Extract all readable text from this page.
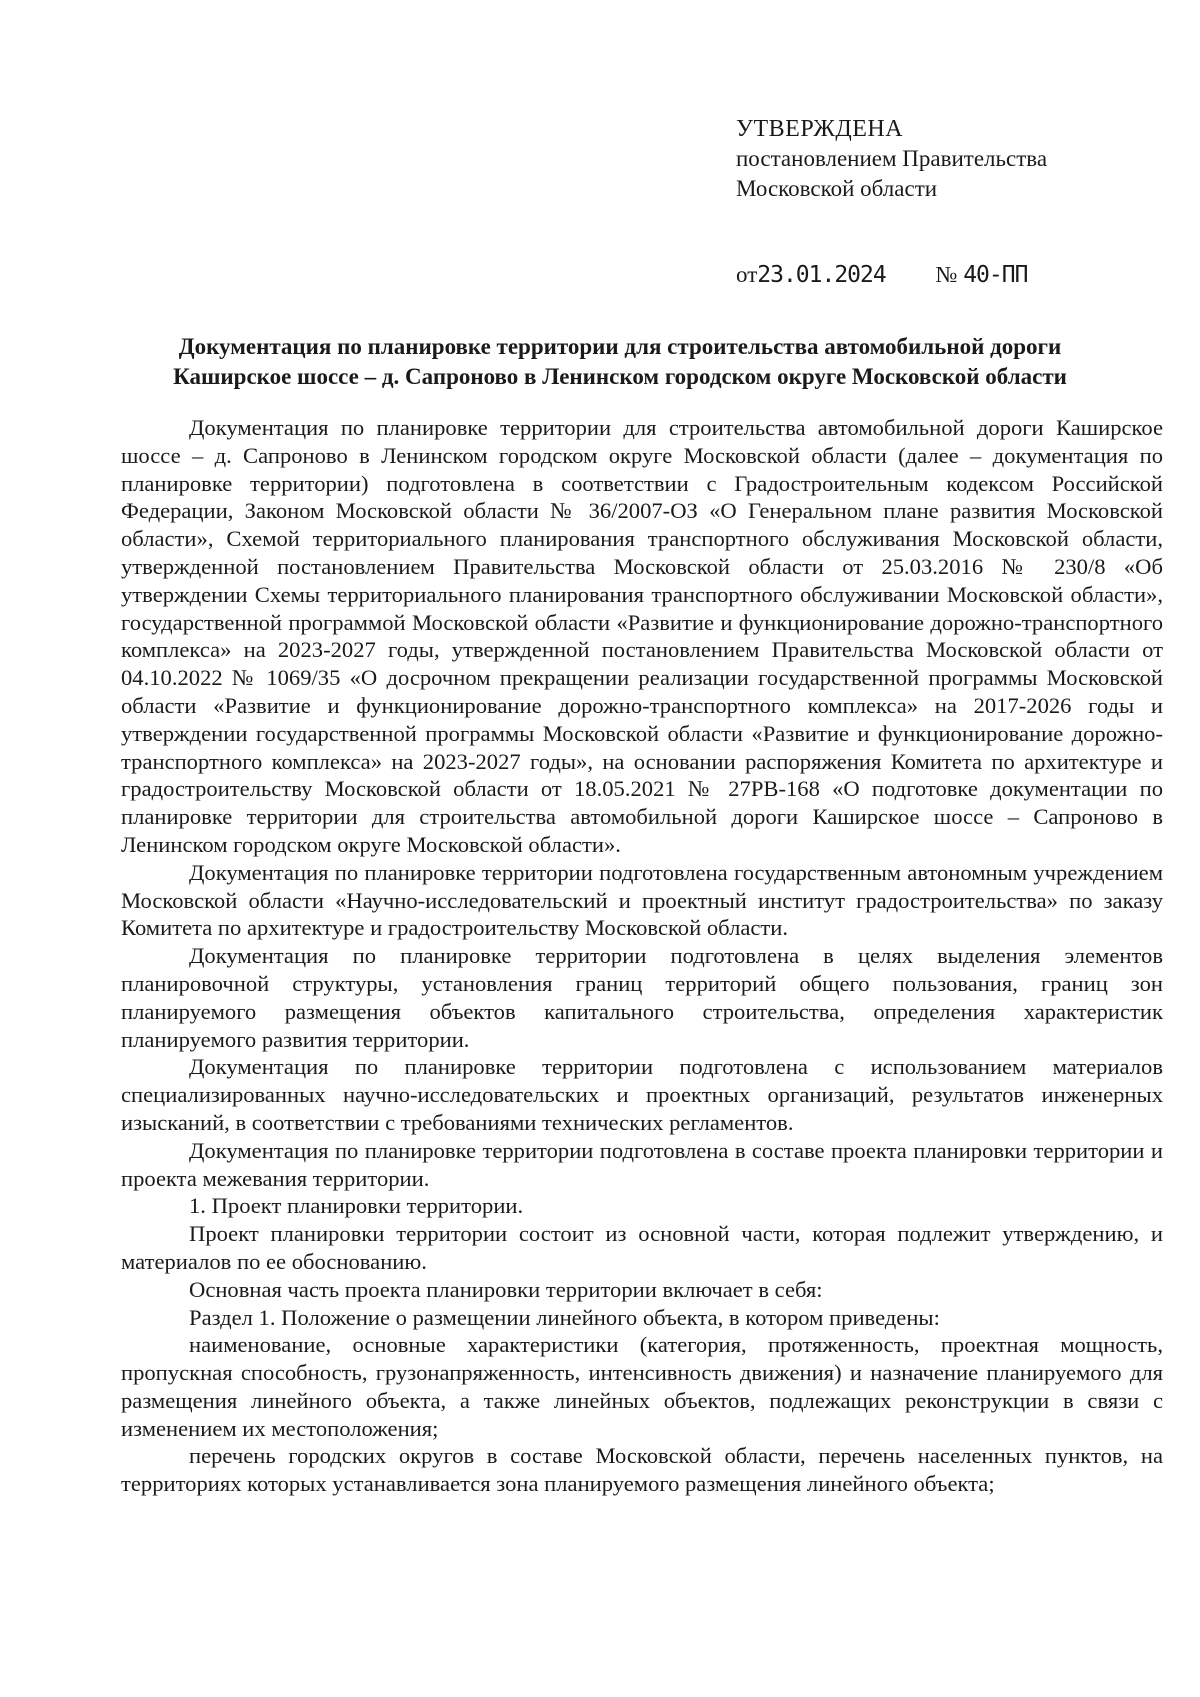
УТВЕРЖДЕНА
постановлением Правительства
Московской области
от23.01.2024 № 40-ПП
Документация по планировке территории для строительства автомобильной дороги
Каширское шоссе – д. Сапроново в Ленинском городском округе Московской области

Документация по планировке территории для строительства автомобильной дороги Каширское шоссе – д. Сапроново в Ленинском городском округе Московской области (далее – документация по планировке территории) подготовлена в соответствии с Градостроительным кодексом Российской Федерации, Законом Московской области № 36/2007-ОЗ «О Генеральном плане развития Московской области», Схемой территориального планирования транспортного обслуживания Московской области, утвержденной постановлением Правительства Московской области от 25.03.2016 № 230/8 «Об утверждении Схемы территориального планирования транспортного обслуживании Московской области», государственной программой Московской области «Развитие и функционирование дорожно-транспортного комплекса» на 2023-2027 годы, утвержденной постановлением Правительства Московской области от 04.10.2022 № 1069/35 «О досрочном прекращении реализации государственной программы Московской области «Развитие и функционирование дорожно-транспортного комплекса» на 2017-2026 годы и утверждении государственной программы Московской области «Развитие и функционирование дорожно-транспортного комплекса» на 2023-2027 годы», на основании распоряжения Комитета по архитектуре и градостроительству Московской области от 18.05.2021 № 27РВ-168 «О подготовке документации по планировке территории для строительства автомобильной дороги Каширское шоссе – Сапроново в Ленинском городском округе Московской области».

Документация по планировке территории подготовлена государственным автономным учреждением Московской области «Научно-исследовательский и проектный институт градостроительства» по заказу Комитета по архитектуре и градостроительству Московской области.

Документация по планировке территории подготовлена в целях выделения элементов планировочной структуры, установления границ территорий общего пользования, границ зон планируемого размещения объектов капитального строительства, определения характеристик планируемого развития территории.

Документация по планировке территории подготовлена с использованием материалов специализированных научно-исследовательских и проектных организаций, результатов инженерных изысканий, в соответствии с требованиями технических регламентов.

Документация по планировке территории подготовлена в составе проекта планировки территории и проекта межевания территории.

1. Проект планировки территории.

Проект планировки территории состоит из основной части, которая подлежит утверждению, и материалов по ее обоснованию.

Основная часть проекта планировки территории включает в себя:

Раздел 1. Положение о размещении линейного объекта, в котором приведены:

наименование, основные характеристики (категория, протяженность, проектная мощность, пропускная способность, грузонапряженность, интенсивность движения) и назначение планируемого для размещения линейного объекта, а также линейных объектов, подлежащих реконструкции в связи с изменением их местоположения;

перечень городских округов в составе Московской области, перечень населенных пунктов, на территориях которых устанавливается зона планируемого размещения линейного объекта;
